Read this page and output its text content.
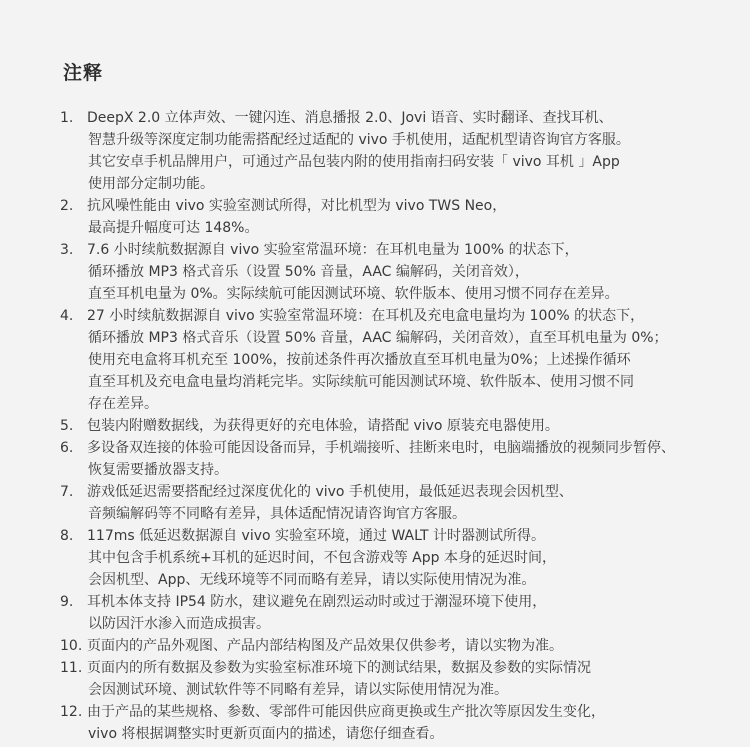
注释
1. DeepX 2.0 立体声效、一键闪连、消息播报 2.0、Jovi 语音、实时翻译、查找耳机、
智慧升级等深度定制功能需搭配经过适配的 vivo 手机使用，适配机型请咨询官方客服。
其它安卓手机品牌用户，可通过产品包装内附的使用指南扫码安装「 vivo 耳机 」App
使用部分定制功能。
2. 抗风噪性能由 vivo 实验室测试所得，对比机型为 vivo TWS Neo，
最高提升幅度可达 148%。
3. 7.6 小时续航数据源自 vivo 实验室常温环境：在耳机电量为 100% 的状态下，
循环播放 MP3 格式音乐（设置 50% 音量，AAC 编解码，关闭音效），
直至耳机电量为 0%。实际续航可能因测试环境、软件版本、使用习惯不同存在差异。
4. 27 小时续航数据源自 vivo 实验室常温环境：在耳机及充电盒电量均为 100% 的状态下，
循环播放 MP3 格式音乐（设置 50% 音量，AAC 编解码，关闭音效），直至耳机电量为 0%；
使用充电盒将耳机充至 100%，按前述条件再次播放直至耳机电量为0%；上述操作循环
直至耳机及充电盒电量均消耗完毕。实际续航可能因测试环境、软件版本、使用习惯不同
存在差异。
5. 包装内附赠数据线，为获得更好的充电体验，请搭配 vivo 原装充电器使用。
6. 多设备双连接的体验可能因设备而异，手机端接听、挂断来电时，电脑端播放的视频同步暂停、
恢复需要播放器支持。
7. 游戏低延迟需要搭配经过深度优化的 vivo 手机使用，最低延迟表现会因机型、
音频编解码等不同略有差异，具体适配情况请咨询官方客服。
8. 117ms 低延迟数据源自 vivo 实验室环境，通过 WALT 计时器测试所得。
其中包含手机系统+耳机的延迟时间，不包含游戏等 App 本身的延迟时间，
会因机型、App、无线环境等不同而略有差异，请以实际使用情况为准。
9. 耳机本体支持 IP54 防水，建议避免在剧烈运动时或过于潮湿环境下使用，
以防因汗水渗入而造成损害。
10. 页面内的产品外观图、产品内部结构图及产品效果仅供参考，请以实物为准。
11. 页面内的所有数据及参数为实验室标准环境下的测试结果，数据及参数的实际情况
会因测试环境、测试软件等不同略有差异，请以实际使用情况为准。
12. 由于产品的某些规格、参数、零部件可能因供应商更换或生产批次等原因发生变化，
vivo 将根据调整实时更新页面内的描述，请您仔细查看。
